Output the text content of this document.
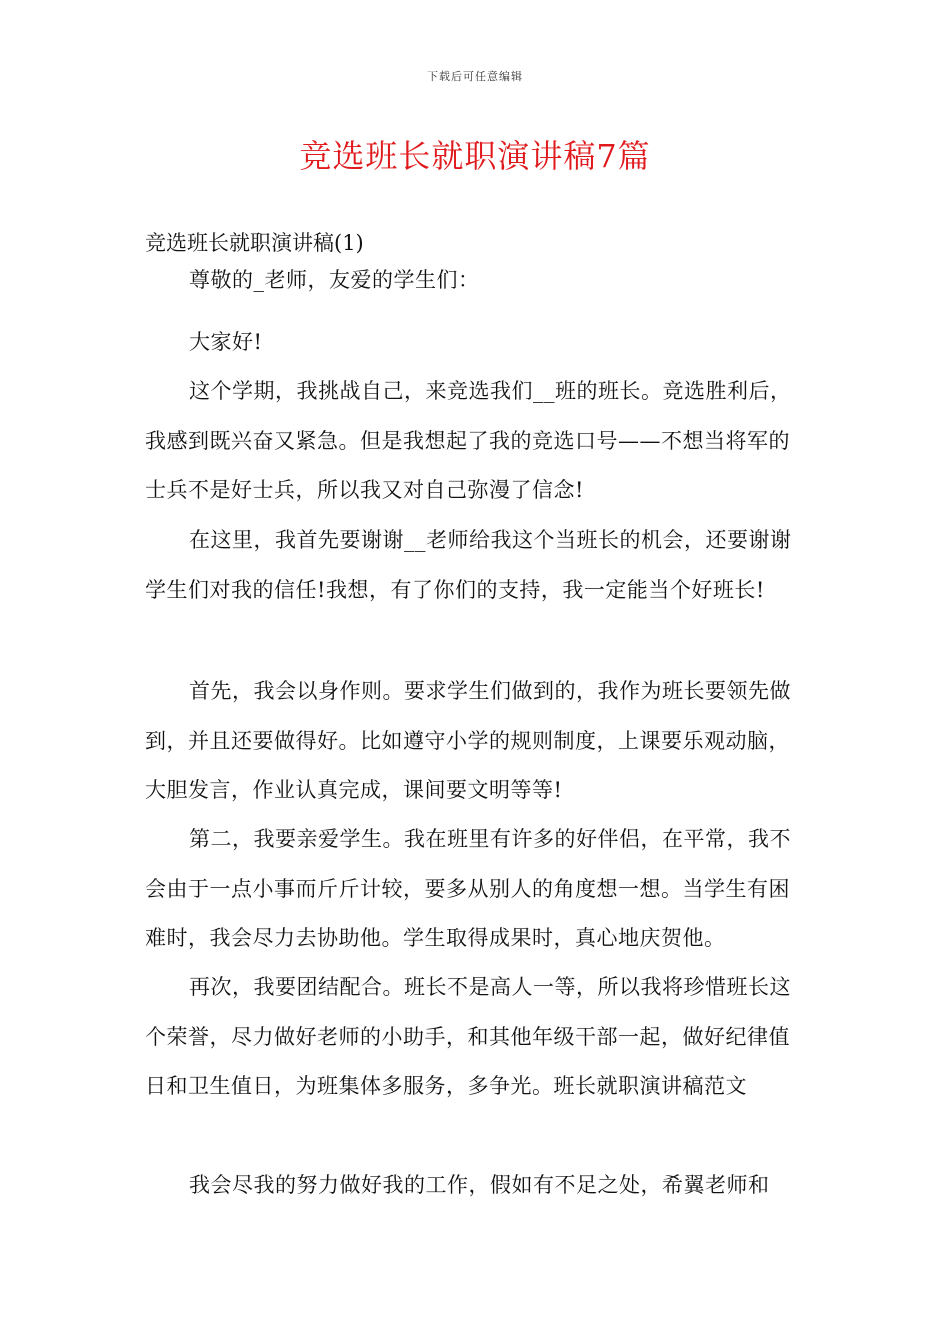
下载后可任意编辑
竞选班长就职演讲稿7篇
竞选班长就职演讲稿(1)

尊敬的_老师，友爱的学生们：

大家好!

这个学期，我挑战自己，来竞选我们__班的班长。竞选胜利后，我感到既兴奋又紧急。但是我想起了我的竞选口号——不想当将军的士兵不是好士兵，所以我又对自己弥漫了信念!

在这里，我首先要谢谢__老师给我这个当班长的机会，还要谢谢学生们对我的信任!我想，有了你们的支持，我一定能当个好班长!

首先，我会以身作则。要求学生们做到的，我作为班长要领先做到，并且还要做得好。比如遵守小学的规则制度，上课要乐观动脑，大胆发言，作业认真完成，课间要文明等等!

第二，我要亲爱学生。我在班里有许多的好伴侣，在平常，我不会由于一点小事而斤斤计较，要多从别人的角度想一想。当学生有困难时，我会尽力去协助他。学生取得成果时，真心地庆贺他。

再次，我要团结配合。班长不是高人一等，所以我将珍惜班长这个荣誉，尽力做好老师的小助手，和其他年级干部一起，做好纪律值日和卫生值日，为班集体多服务，多争光。班长就职演讲稿范文

我会尽我的努力做好我的工作，假如有不足之处，希翼老师和
